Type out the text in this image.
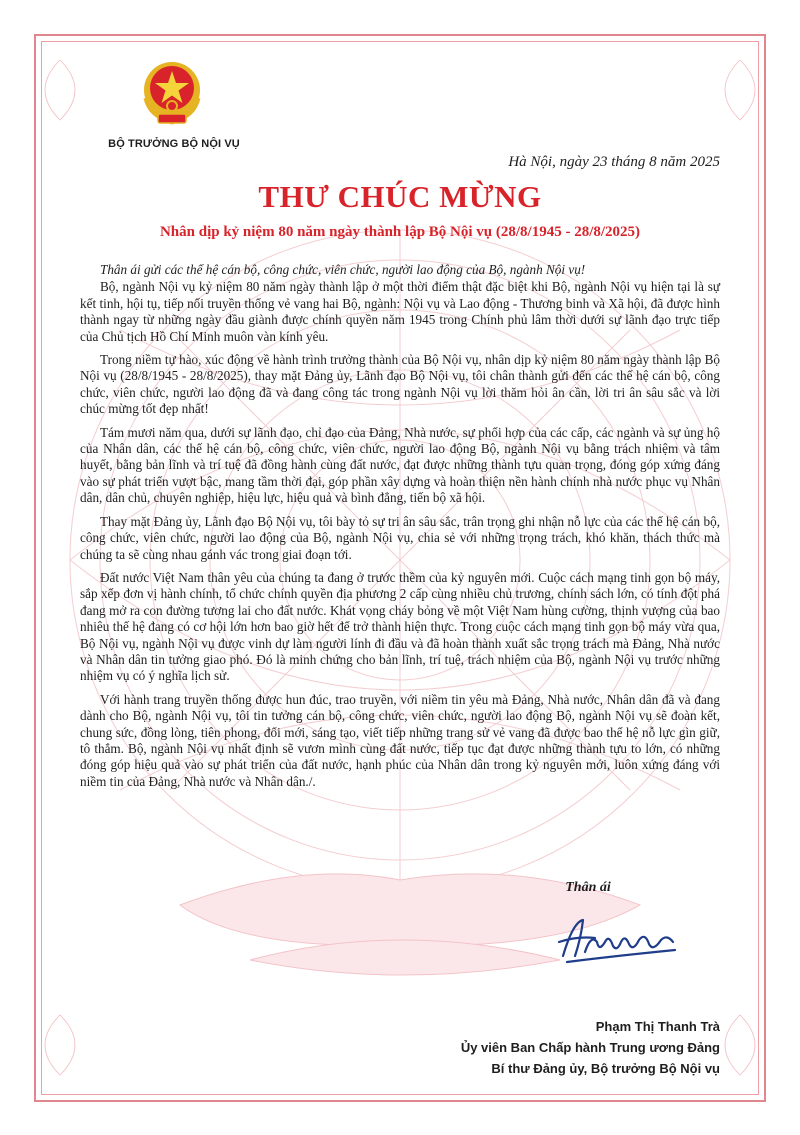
BỘ TRƯỞNG BỘ NỘI VỤ
Hà Nội, ngày 23 tháng 8 năm 2025
THƯ CHÚC MỪNG
Nhân dịp kỷ niệm 80 năm ngày thành lập Bộ Nội vụ (28/8/1945 - 28/8/2025)

Thân ái gửi các thế hệ cán bộ, công chức, viên chức, người lao động của Bộ, ngành Nội vụ!

Bộ, ngành Nội vụ kỷ niệm 80 năm ngày thành lập ở một thời điểm thật đặc biệt khi Bộ, ngành Nội vụ hiện tại là sự kết tinh, hội tụ, tiếp nối truyền thống vẻ vang hai Bộ, ngành: Nội vụ và Lao động - Thương binh và Xã hội, đã được hình thành ngay từ những ngày đầu giành được chính quyền năm 1945 trong Chính phủ lâm thời dưới sự lãnh đạo trực tiếp của Chủ tịch Hồ Chí Minh muôn vàn kính yêu.

Trong niềm tự hào, xúc động về hành trình trưởng thành của Bộ Nội vụ, nhân dịp kỷ niệm 80 năm ngày thành lập Bộ Nội vụ (28/8/1945 - 28/8/2025), thay mặt Đảng ủy, Lãnh đạo Bộ Nội vụ, tôi chân thành gửi đến các thế hệ cán bộ, công chức, viên chức, người lao động đã và đang công tác trong ngành Nội vụ lời thăm hỏi ân cần, lời tri ân sâu sắc và lời chúc mừng tốt đẹp nhất!

Tám mươi năm qua, dưới sự lãnh đạo, chỉ đạo của Đảng, Nhà nước, sự phối hợp của các cấp, các ngành và sự ủng hộ của Nhân dân, các thế hệ cán bộ, công chức, viên chức, người lao động Bộ, ngành Nội vụ bằng trách nhiệm và tâm huyết, bằng bản lĩnh và trí tuệ đã đồng hành cùng đất nước, đạt được những thành tựu quan trọng, đóng góp xứng đáng vào sự phát triển vượt bậc, mang tầm thời đại, góp phần xây dựng và hoàn thiện nền hành chính nhà nước phục vụ Nhân dân, dân chủ, chuyên nghiệp, hiệu lực, hiệu quả và bình đẳng, tiến bộ xã hội.

Thay mặt Đảng ủy, Lãnh đạo Bộ Nội vụ, tôi bày tỏ sự tri ân sâu sắc, trân trọng ghi nhận nỗ lực của các thế hệ cán bộ, công chức, viên chức, người lao động của Bộ, ngành Nội vụ, chia sẻ với những trọng trách, khó khăn, thách thức mà chúng ta sẽ cùng nhau gánh vác trong giai đoạn tới.

Đất nước Việt Nam thân yêu của chúng ta đang ở trước thềm của kỷ nguyên mới. Cuộc cách mạng tinh gọn bộ máy, sắp xếp đơn vị hành chính, tổ chức chính quyền địa phương 2 cấp cùng nhiều chủ trương, chính sách lớn, có tính đột phá đang mở ra con đường tương lai cho đất nước. Khát vọng cháy bỏng về một Việt Nam hùng cường, thịnh vượng của bao nhiêu thế hệ đang có cơ hội lớn hơn bao giờ hết để trở thành hiện thực. Trong cuộc cách mạng tinh gọn bộ máy vừa qua, Bộ Nội vụ, ngành Nội vụ được vinh dự làm người lính đi đầu và đã hoàn thành xuất sắc trọng trách mà Đảng, Nhà nước và Nhân dân tin tưởng giao phó. Đó là minh chứng cho bản lĩnh, trí tuệ, trách nhiệm của Bộ, ngành Nội vụ trước những nhiệm vụ có ý nghĩa lịch sử.

Với hành trang truyền thống được hun đúc, trao truyền, với niềm tin yêu mà Đảng, Nhà nước, Nhân dân đã và đang dành cho Bộ, ngành Nội vụ, tôi tin tưởng cán bộ, công chức, viên chức, người lao động Bộ, ngành Nội vụ sẽ đoàn kết, chung sức, đồng lòng, tiên phong, đổi mới, sáng tạo, viết tiếp những trang sử vẻ vang đã được bao thế hệ nỗ lực gìn giữ, tô thắm. Bộ, ngành Nội vụ nhất định sẽ vươn mình cùng đất nước, tiếp tục đạt được những thành tựu to lớn, có những đóng góp hiệu quả vào sự phát triển của đất nước, hạnh phúc của Nhân dân trong kỷ nguyên mới, luôn xứng đáng với niềm tin của Đảng, Nhà nước và Nhân dân./.

Thân ái
Phạm Thị Thanh Trà
Ủy viên Ban Chấp hành Trung ương Đảng
Bí thư Đảng ủy, Bộ trưởng Bộ Nội vụ
